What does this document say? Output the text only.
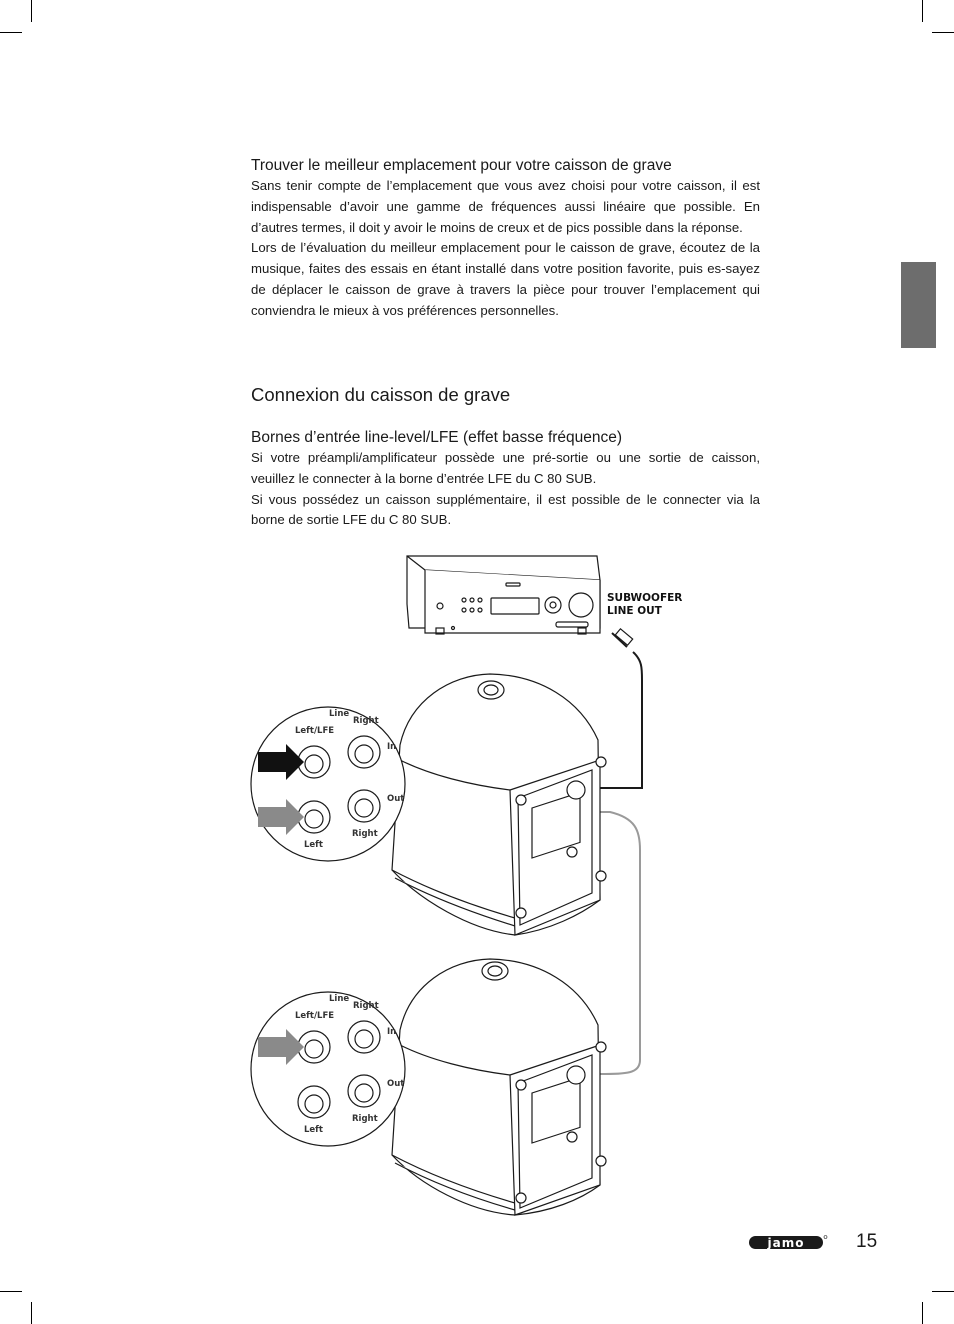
Trouver le meilleur emplacement pour votre caisson de grave

Sans tenir compte de l’emplacement que vous avez choisi pour votre caisson, il est indispensable d’avoir une gamme de fréquences aussi linéaire que possible. En d’autres termes, il doit y avoir le moins de creux et de pics possible dans la réponse.

Lors de l’évaluation du meilleur emplacement pour le caisson de grave, écoutez de la musique, faites des essais en étant installé dans votre position favorite, puis es-sayez de déplacer le caisson de grave à travers la pièce pour trouver l’emplacement qui conviendra le mieux à vos préférences personnelles.

Connexion du caisson de grave
Bornes d’entrée line-level/LFE (effet basse fréquence)

Si votre préampli/amplificateur possède une pré-sortie ou une sortie de caisson, veuillez le connecter à la borne d’entrée LFE du C 80 SUB.

Si vous possédez un caisson supplémentaire, il est possible de le connecter via la borne de sortie LFE du C 80 SUB.

SUBWOOFER
LINE OUT
Line
Left/LFE
Right
In
Out
Left
Right
Line
Left/LFE
Right
In
Out
Left
Right
jamo	15
